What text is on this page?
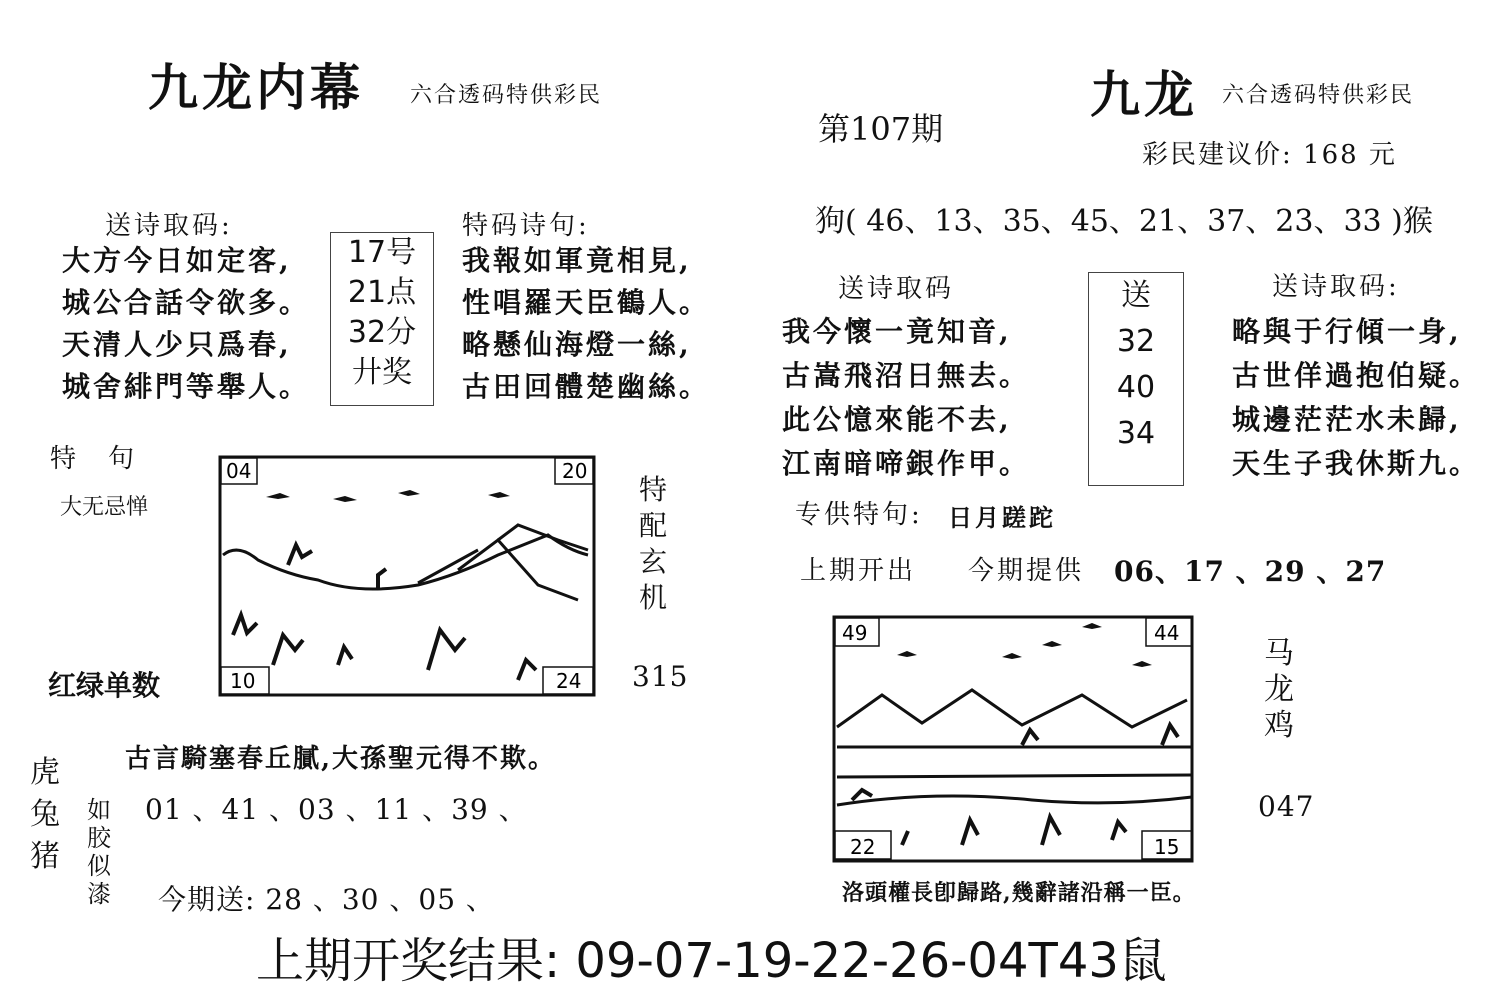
九龙内幕 六合透码特供彩民
送诗取码:
大方今日如定客,
城公合話令欲多。
天清人少只爲春,
城舍緋門等舉人。
17号
21点
32分
廾奖
特码诗句:
我報如軍竟相見,
性唱羅天臣鶴人。
略懸仙海燈一絲,
古田回體楚幽絲。
特　句
大无忌惮
04	20
10	24
特配玄机
315
红绿单数
虎兔猪
如胶似漆
古言騎塞春丘膩,大孫聖元得不欺。
01 、41 、03 、11 、39 、
今期送: 28 、30 、05 、
第107期
彩民建议价: 168 元
狗( 46、13、35、45、21、37、23、33 )猴
九龙 六合透码特供彩民
送诗取码
我今懷一竟知音,
古嵩飛沼日無去。
此公憶來能不去,
江南暗啼銀作甲。
送
32
40
34
送诗取码:
略與于行傾一身,
古世佯過抱伯疑。
城邊茫茫水未歸,
天生子我休斯九。
专供特句: 日月蹉跎
上期开出 今期提供 06、17 、29 、27
49	44
22	15
马龙鸡
047
洛頭權長卽歸路,幾辭諸沿稱一臣。
上期开奖结果: 09-07-19-22-26-04T43鼠
